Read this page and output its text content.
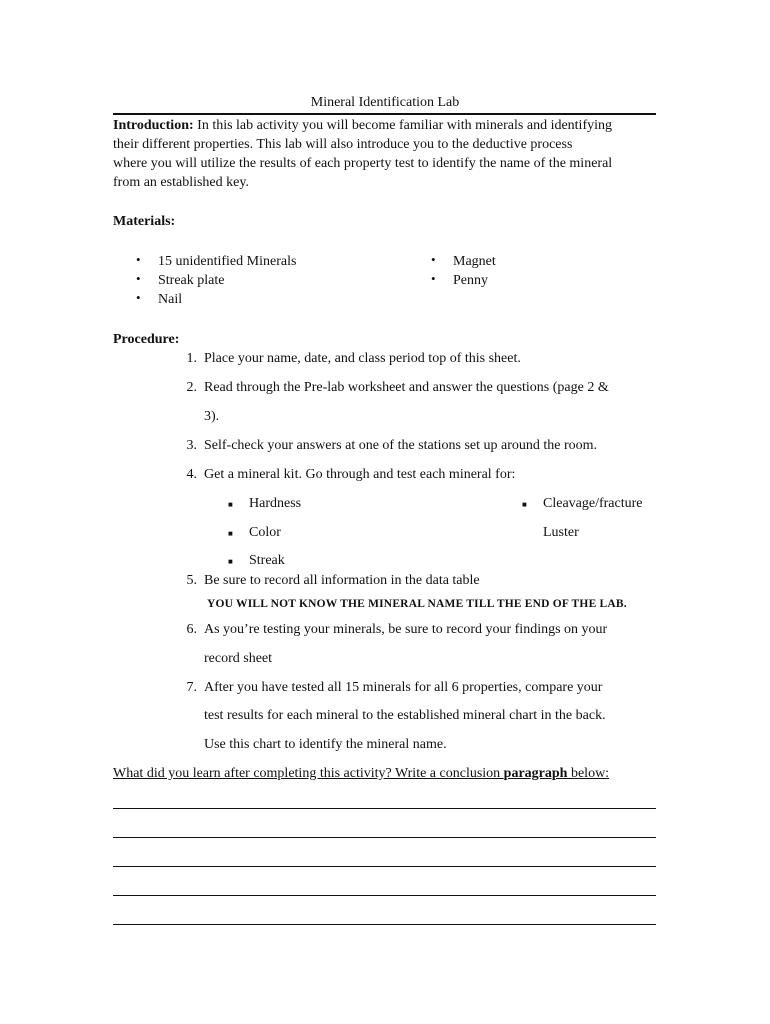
Mineral Identification Lab
Introduction: In this lab activity you will become familiar with minerals and identifying
their different properties. This lab will also introduce you to the deductive process
where you will utilize the results of each property test to identify the name of the mineral
from an established key.
Materials:
• 15 unidentified Minerals
• Streak plate
• Nail
• Magnet
• Penny
Procedure:
1. Place your name, date, and class period top of this sheet.
2. Read through the Pre-lab worksheet and answer the questions (page 2 &
3).
3. Self-check your answers at one of the stations set up around the room.
4. Get a mineral kit. Go through and test each mineral for:
■ Hardness
■ Color
■ Streak
■ Cleavage/fracture
Luster
5. Be sure to record all information in the data table
YOU WILL NOT KNOW THE MINERAL NAME TILL THE END OF THE LAB.
6. As you’re testing your minerals, be sure to record your findings on your
record sheet
7. After you have tested all 15 minerals for all 6 properties, compare your
test results for each mineral to the established mineral chart in the back.
Use this chart to identify the mineral name.
What did you learn after completing this activity? Write a conclusion paragraph below:
